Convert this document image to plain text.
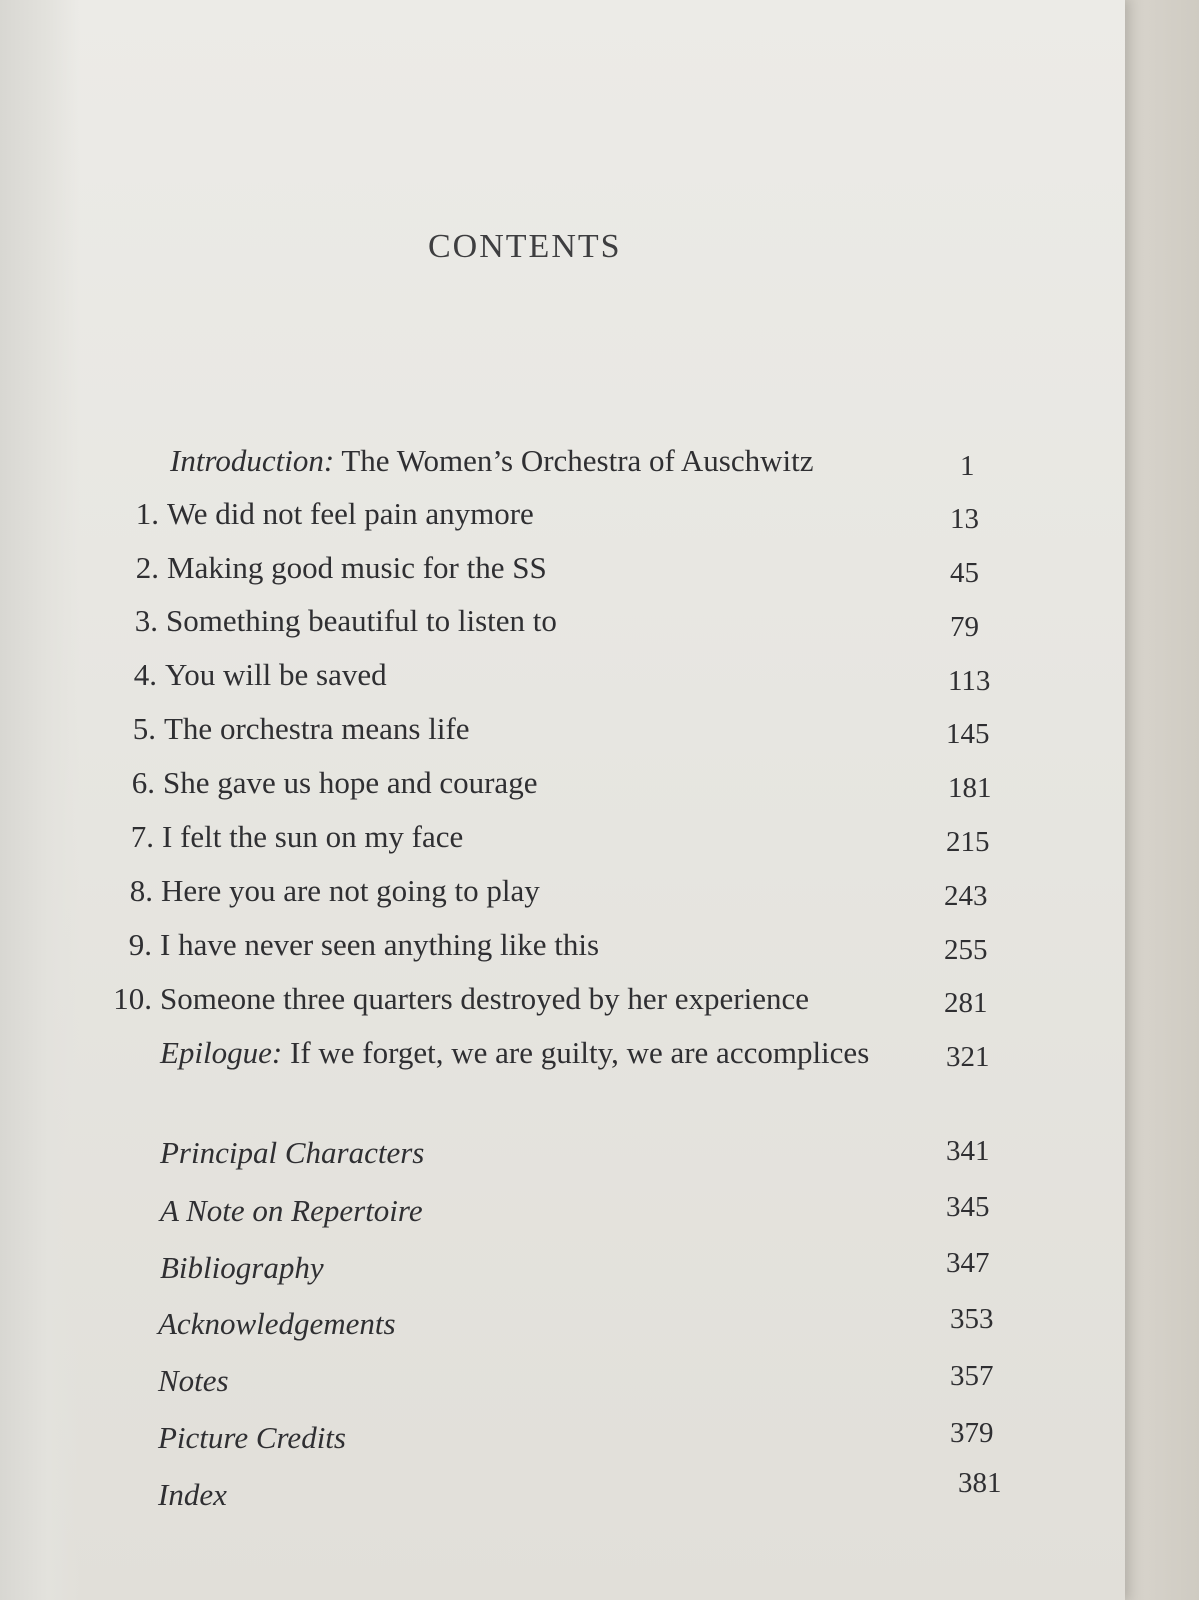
CONTENTS
Introduction: The Women’s Orchestra of Auschwitz	1
1. We did not feel pain anymore	13
2. Making good music for the SS	45
3. Something beautiful to listen to	79
4. You will be saved	113
5. The orchestra means life	145
6. She gave us hope and courage	181
7. I felt the sun on my face	215
8. Here you are not going to play	243
9. I have never seen anything like this	255
10. Someone three quarters destroyed by her experience	281
Epilogue: If we forget, we are guilty, we are accomplices	321
Principal Characters	341
A Note on Repertoire	345
Bibliography	347
Acknowledgements	353
Notes	357
Picture Credits	379
Index	381
